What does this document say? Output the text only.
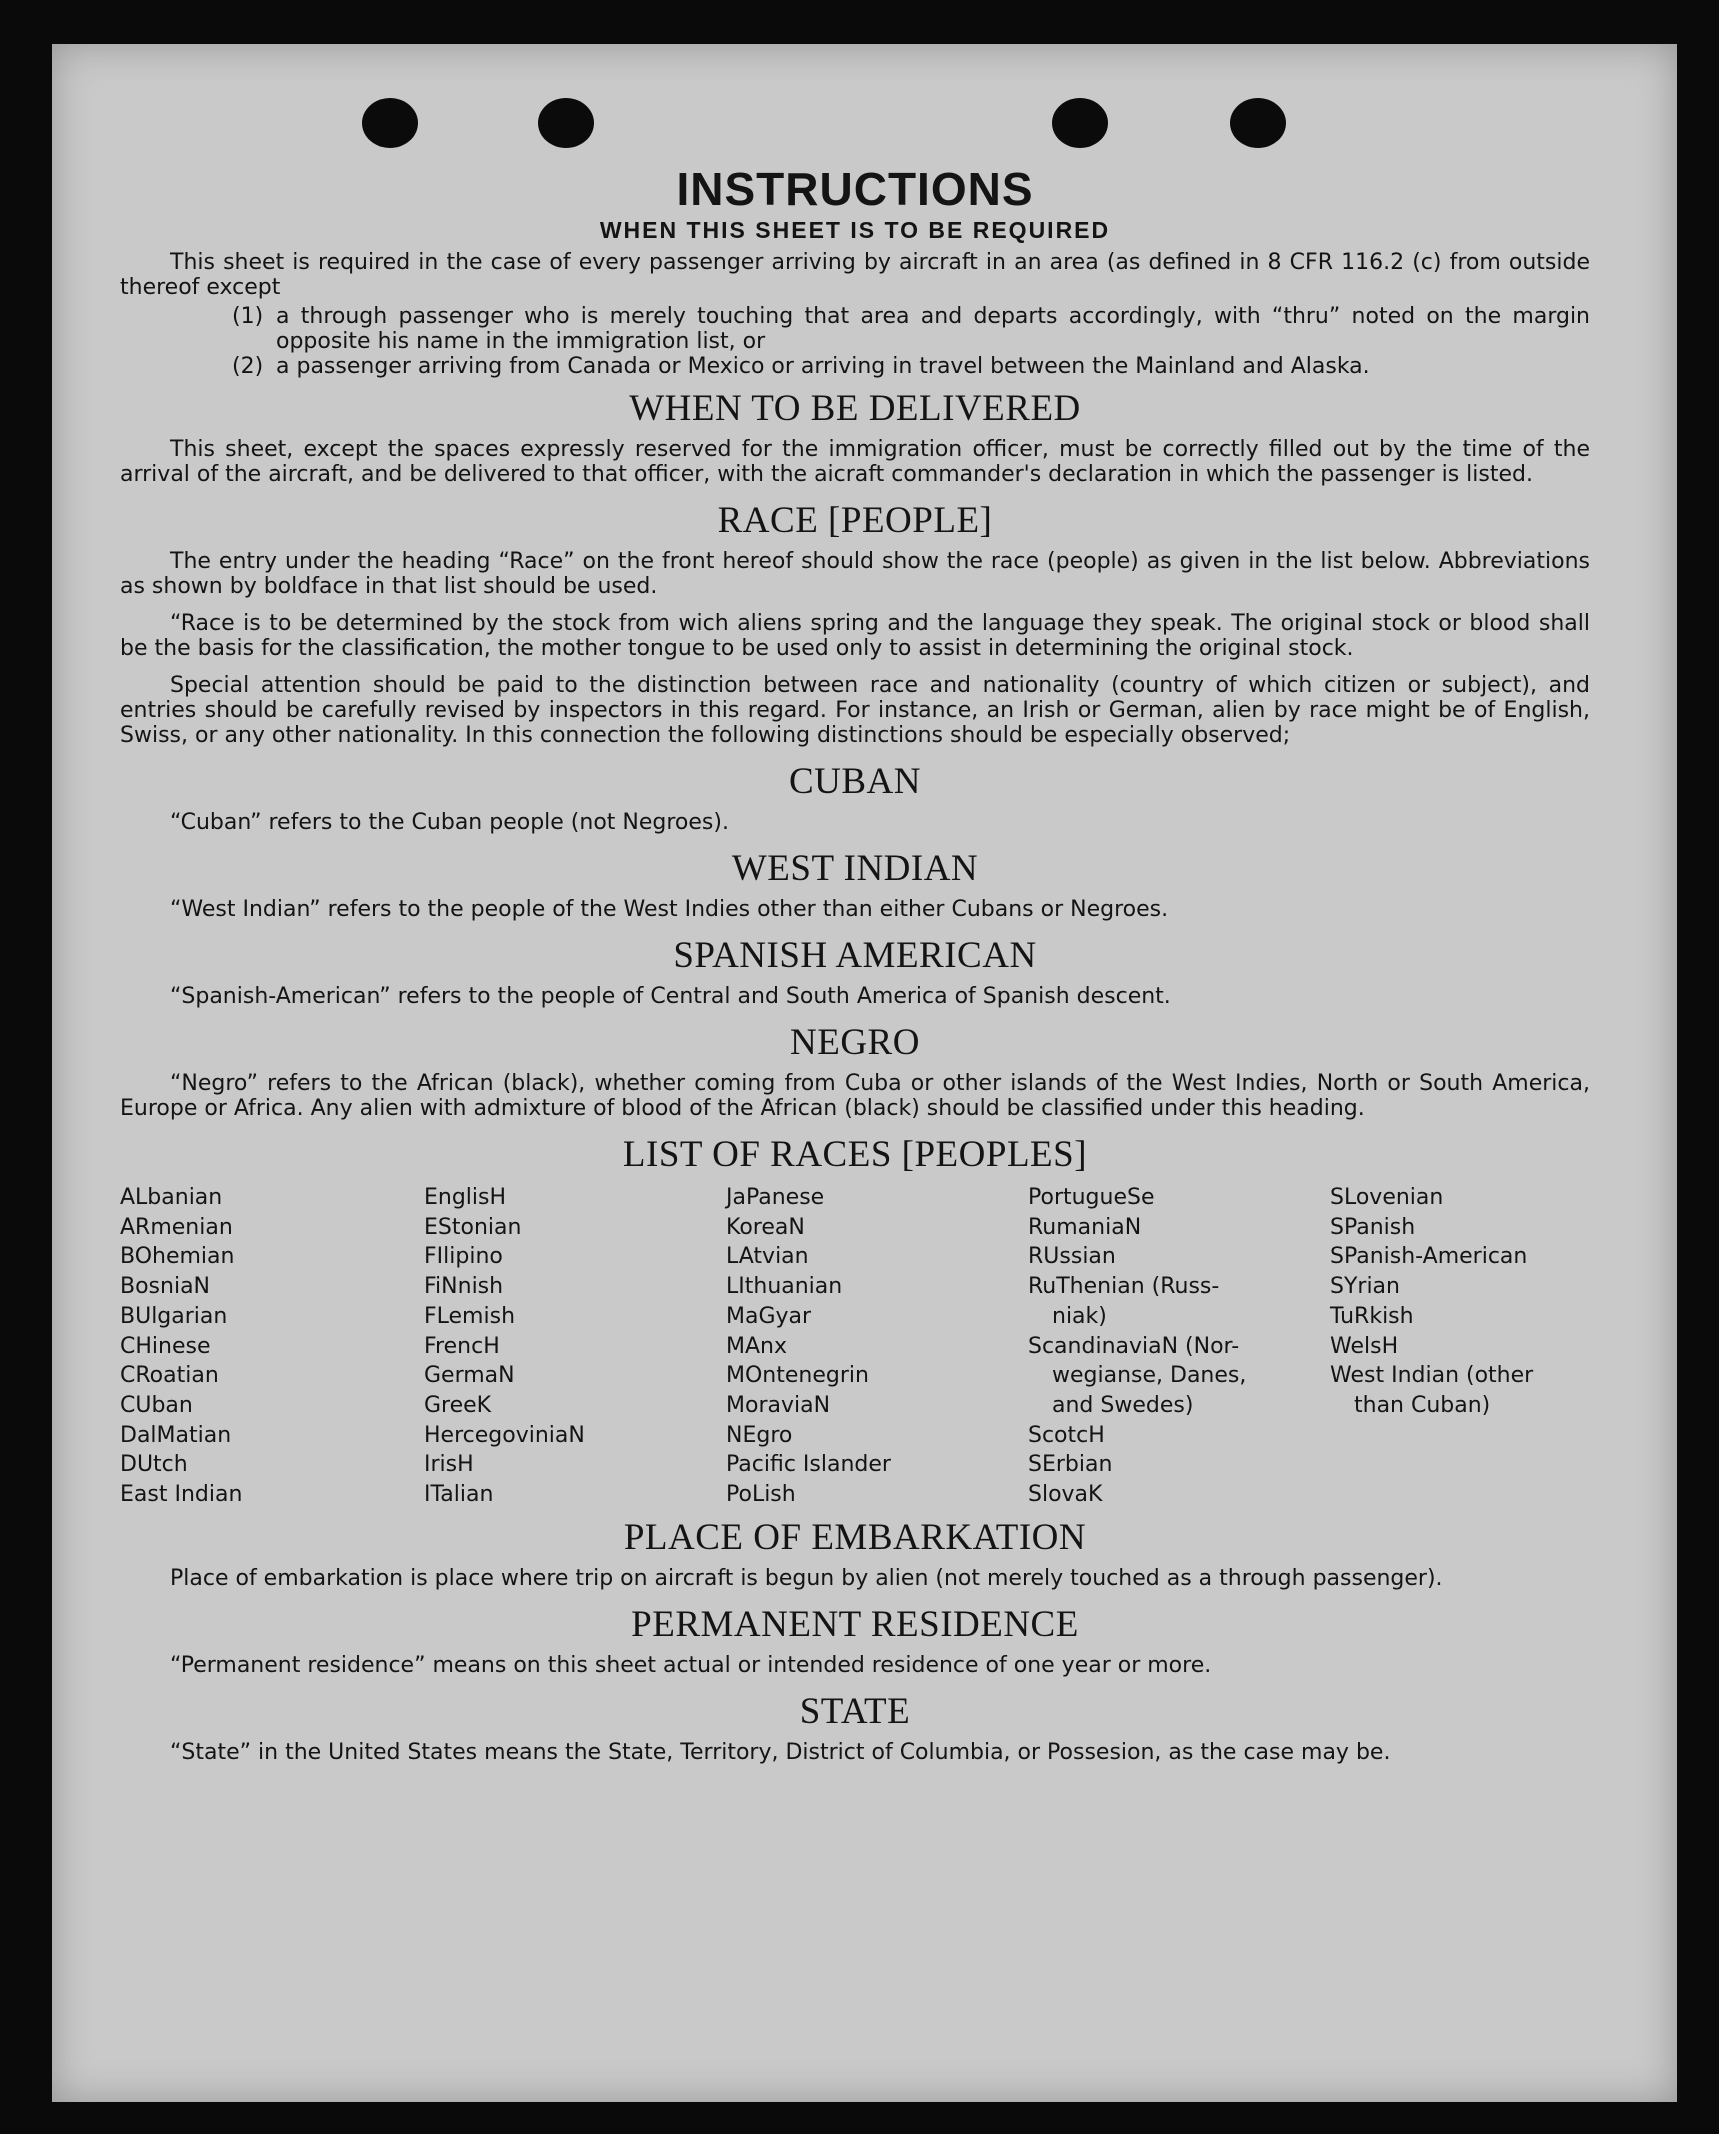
INSTRUCTIONS
WHEN THIS SHEET IS TO BE REQUIRED

This sheet is required in the case of every passenger arriving by aircraft in an area (as defined in 8 CFR 116.2 (c) from outside thereof except

(1) a through passenger who is merely touching that area and departs accordingly, with “thru” noted on the margin opposite his name in the immigration list, or
(2) a passenger arriving from Canada or Mexico or arriving in travel between the Mainland and Alaska.
WHEN TO BE DELIVERED

This sheet, except the spaces expressly reserved for the immigration officer, must be correctly filled out by the time of the arrival of the aircraft, and be delivered to that officer, with the aicraft commander's declaration in which the passenger is listed.

RACE [PEOPLE]

The entry under the heading “Race” on the front hereof should show the race (people) as given in the list below. Abbreviations as shown by boldface in that list should be used.

“Race is to be determined by the stock from wich aliens spring and the language they speak. The original stock or blood shall be the basis for the classification, the mother tongue to be used only to assist in determining the original stock.

Special attention should be paid to the distinction between race and nationality (country of which citizen or subject), and entries should be carefully revised by inspectors in this regard. For instance, an Irish or German, alien by race might be of English, Swiss, or any other nationality. In this connection the following distinctions should be especially observed;

CUBAN

“Cuban” refers to the Cuban people (not Negroes).

WEST INDIAN

“West Indian” refers to the people of the West Indies other than either Cubans or Negroes.

SPANISH AMERICAN

“Spanish-American” refers to the people of Central and South America of Spanish descent.

NEGRO

“Negro” refers to the African (black), whether coming from Cuba or other islands of the West Indies, North or South America, Europe or Africa. Any alien with admixture of blood of the African (black) should be classified under this heading.

LIST OF RACES [PEOPLES]
ALbanian
ARmenian
BOhemian
BosniaN
BUlgarian
CHinese
CRoatian
CUban
DalMatian
DUtch
East Indian
EnglisH
EStonian
FIlipino
FiNnish
FLemish
FrencH
GermaN
GreeK
HercegoviniaN
IrisH
ITalian
JaPanese
KoreaN
LAtvian
LIthuanian
MaGyar
MAnx
MOntenegrin
MoraviaN
NEgro
Pacific Islander
PoLish
PortugueSe
RumaniaN
RUssian
RuThenian (Russ-
niak)
ScandinaviaN (Nor-
wegianse, Danes,
and Swedes)
ScotcH
SErbian
SlovaK
SLovenian
SPanish
SPanish-American
SYrian
TuRkish
WelsH
West Indian (other
than Cuban)
PLACE OF EMBARKATION

Place of embarkation is place where trip on aircraft is begun by alien (not merely touched as a through passenger).

PERMANENT RESIDENCE

“Permanent residence” means on this sheet actual or intended residence of one year or more.

STATE

“State” in the United States means the State, Territory, District of Columbia, or Possesion, as the case may be.
